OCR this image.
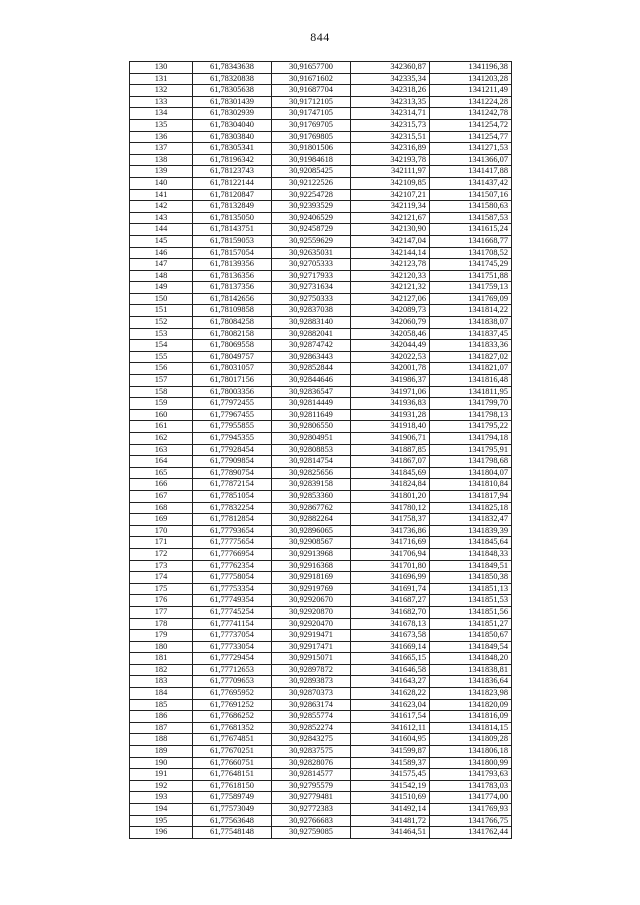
844
130	61,78343638	30,91657700	342360,87	1341196,38
131	61,78320838	30,91671602	342335,34	1341203,28
132	61,78305638	30,91687704	342318,26	1341211,49
133	61,78301439	30,91712105	342313,35	1341224,28
134	61,78302939	30,91747105	342314,71	1341242,78
135	61,78304040	30,91769705	342315,73	1341254,72
136	61,78303840	30,91769805	342315,51	1341254,77
137	61,78305341	30,91801506	342316,89	1341271,53
138	61,78196342	30,91984618	342193,78	1341366,07
139	61,78123743	30,92085425	342111,97	1341417,88
140	61,78122144	30,92122526	342109,85	1341437,42
141	61,78120847	30,92254728	342107,21	1341507,16
142	61,78132849	30,92393529	342119,34	1341580,63
143	61,78135050	30,92406529	342121,67	1341587,53
144	61,78143751	30,92458729	342130,90	1341615,24
145	61,78159053	30,92559629	342147,04	1341668,77
146	61,78157054	30,92635031	342144,14	1341708,52
147	61,78139356	30,92705333	342123,78	1341745,29
148	61,78136356	30,92717933	342120,33	1341751,88
149	61,78137356	30,92731634	342121,32	1341759,13
150	61,78142656	30,92750333	342127,06	1341769,09
151	61,78109858	30,92837038	342089,73	1341814,22
152	61,78084258	30,92883140	342060,79	1341838,07
153	61,78082158	30,92882041	342058,46	1341837,45
154	61,78069558	30,92874742	342044,49	1341833,36
155	61,78049757	30,92863443	342022,53	1341827,02
156	61,78031057	30,92852844	342001,78	1341821,07
157	61,78017156	30,92844646	341986,37	1341816,48
158	61,78003356	30,92836547	341971,06	1341811,95
159	61,77972455	30,92814449	341936,83	1341799,70
160	61,77967455	30,92811649	341931,28	1341798,13
161	61,77955855	30,92806550	341918,40	1341795,22
162	61,77945355	30,92804951	341906,71	1341794,18
163	61,77928454	30,92808853	341887,85	1341795,91
164	61,77909854	30,92814754	341867,07	1341798,68
165	61,77890754	30,92825656	341845,69	1341804,07
166	61,77872154	30,92839158	341824,84	1341810,84
167	61,77851054	30,92853360	341801,20	1341817,94
168	61,77832254	30,92867762	341780,12	1341825,18
169	61,77812854	30,92882264	341758,37	1341832,47
170	61,77793654	30,92896065	341736,86	1341839,39
171	61,77775654	30,92908567	341716,69	1341845,64
172	61,77766954	30,92913968	341706,94	1341848,33
173	61,77762354	30,92916368	341701,80	1341849,51
174	61,77758054	30,92918169	341696,99	1341850,38
175	61,77753354	30,92919769	341691,74	1341851,13
176	61,77749354	30,92920670	341687,27	1341851,53
177	61,77745254	30,92920870	341682,70	1341851,56
178	61,77741154	30,92920470	341678,13	1341851,27
179	61,77737054	30,92919471	341673,58	1341850,67
180	61,77733054	30,92917471	341669,14	1341849,54
181	61,77729454	30,92915071	341665,15	1341848,20
182	61,77712653	30,92897872	341646,58	1341838,81
183	61,77709653	30,92893873	341643,27	1341836,64
184	61,77695952	30,92870373	341628,22	1341823,98
185	61,77691252	30,92863174	341623,04	1341820,09
186	61,77686252	30,92855774	341617,54	1341816,09
187	61,77681352	30,92852274	341612,11	1341814,15
188	61,77674851	30,92843275	341604,95	1341809,28
189	61,77670251	30,92837575	341599,87	1341806,18
190	61,77660751	30,92828076	341589,37	1341800,99
191	61,77648151	30,92814577	341575,45	1341793,63
192	61,77618150	30,92795579	341542,19	1341783,03
193	61,77589749	30,92779481	341510,69	1341774,00
194	61,77573049	30,92772383	341492,14	1341769,93
195	61,77563648	30,92766683	341481,72	1341766,75
196	61,77548148	30,92759085	341464,51	1341762,44
